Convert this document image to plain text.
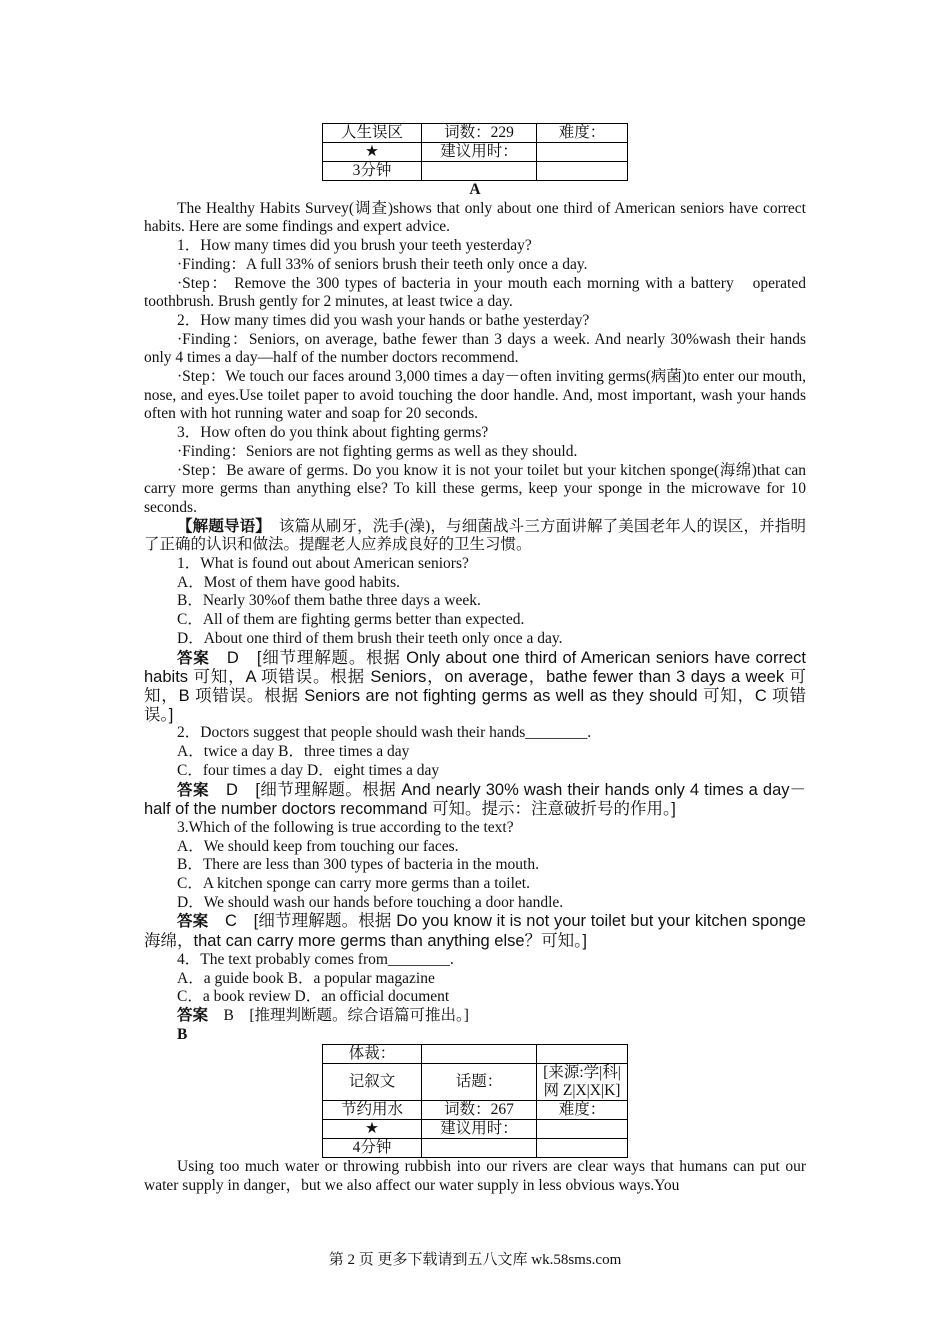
人生误区	词数：229	难度：
★	建议用时：	
3分钟		

A

The Healthy Habits Survey(调查)shows that only about one third of American seniors have correct habits. Here are some findings and expert advice.

1．How many times did you brush your teeth yesterday?

·Finding：A full 33% of seniors brush their teeth only once a day.

·Step： Remove the 300 types of bacteria in your mouth each morning with a battery　operated toothbrush. Brush gently for 2 minutes, at least twice a day.

2．How many times did you wash your hands or bathe yesterday?

·Finding：Seniors, on average, bathe fewer than 3 days a week. And nearly 30%wash their hands only 4 times a day—half of the number doctors recommend.

·Step：We touch our faces around 3,000 times a day－often inviting germs(病菌)to enter our mouth, nose, and eyes.Use toilet paper to avoid touching the door handle. And, most important, wash your hands often with hot running water and soap for 20 seconds.

3．How often do you think about fighting germs?

·Finding：Seniors are not fighting germs as well as they should.

·Step：Be aware of germs. Do you know it is not your toilet but your kitchen sponge(海绵)that can carry more germs than anything else? To kill these germs, keep your sponge in the microwave for 10 seconds.

【解题导语】　该篇从刷牙，洗手(澡)，与细菌战斗三方面讲解了美国老年人的误区，并指明了正确的认识和做法。提醒老人应养成良好的卫生习惯。

1．What is found out about American seniors?

A．Most of them have good habits.

B．Nearly 30%of them bathe three days a week.

C．All of them are fighting germs better than expected.

D．About one third of them brush their teeth only once a day.

答案　D　[细节理解题。根据 Only about one third of American seniors have correct habits 可知，A 项错误。根据 Seniors，on average，bathe fewer than 3 days a week 可知，B 项错误。根据 Seniors are not fighting germs as well as they should 可知，C 项错误。]

2．Doctors suggest that people should wash their hands________.

A．twice a day B．three times a day

C．four times a day D．eight times a day

答案　D　[细节理解题。根据 And nearly 30% wash their hands only 4 times a day－half of the number doctors recommand 可知。提示：注意破折号的作用。]

3.Which of the following is true according to the text?

A．We should keep from touching our faces.

B．There are less than 300 types of bacteria in the mouth.

C．A kitchen sponge can carry more germs than a toilet.

D．We should wash our hands before touching a door handle.

答案　C　[细节理解题。根据 Do you know it is not your toilet but your kitchen sponge 海绵，that can carry more germs than anything else？可知。]

4．The text probably comes from________.

A．a guide book B．a popular magazine

C．a book review D．an official document

答案　B　[推理判断题。综合语篇可推出。]

B

体裁：		
记叙文	话题：	[来源:学|科|网 Z|X|X|K]
节约用水	词数：267	难度：
★	建议用时：	
4分钟		

Using too much water or throwing rubbish into our rivers are clear ways that humans can put our water supply in danger，but we also affect our water supply in less obvious ways.You

第 2 页 更多下载请到五八文库 wk.58sms.com
